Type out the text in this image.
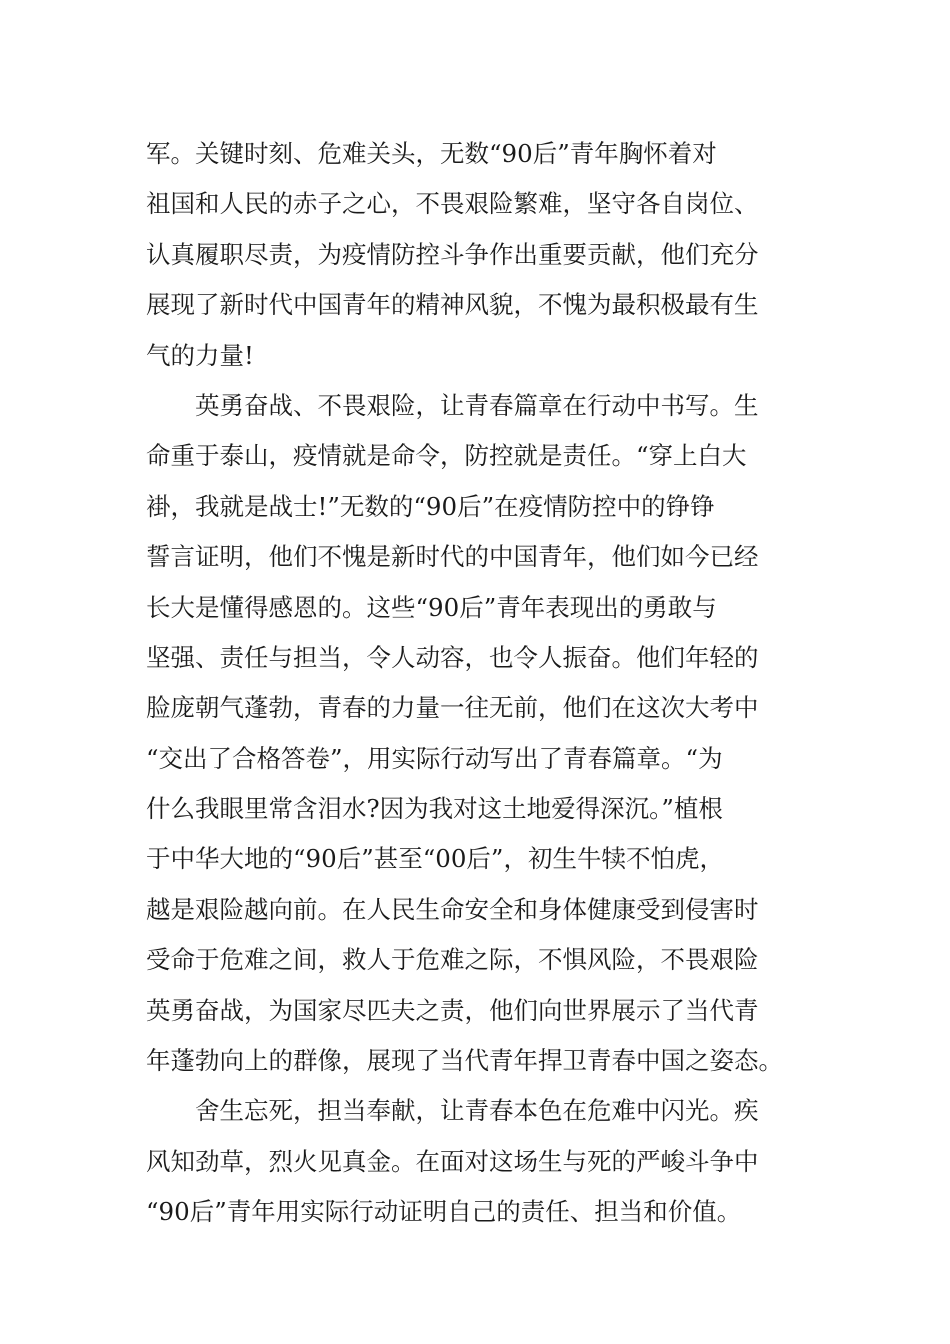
军。关键时刻、危难关头，无数“90后”青年胸怀着对
祖国和人民的赤子之心，不畏艰险繁难，坚守各自岗位、
认真履职尽责，为疫情防控斗争作出重要贡献，他们充分
展现了新时代中国青年的精神风貌，不愧为最积极最有生
气的力量!
英勇奋战、不畏艰险，让青春篇章在行动中书写。生
命重于泰山，疫情就是命令，防控就是责任。“穿上白大
褂，我就是战士!”无数的“90后”在疫情防控中的铮铮
誓言证明，他们不愧是新时代的中国青年，他们如今已经
长大是懂得感恩的。这些“90后”青年表现出的勇敢与
坚强、责任与担当，令人动容，也令人振奋。他们年轻的
脸庞朝气蓬勃，青春的力量一往无前，他们在这次大考中
“交出了合格答卷”，用实际行动写出了青春篇章。“为
什么我眼里常含泪水?因为我对这土地爱得深沉。”植根
于中华大地的“90后”甚至“00后”，初生牛犊不怕虎，
越是艰险越向前。在人民生命安全和身体健康受到侵害时
受命于危难之间，救人于危难之际，不惧风险，不畏艰险
英勇奋战，为国家尽匹夫之责，他们向世界展示了当代青
年蓬勃向上的群像，展现了当代青年捍卫青春中国之姿态。
舍生忘死，担当奉献，让青春本色在危难中闪光。疾
风知劲草，烈火见真金。在面对这场生与死的严峻斗争中
“90后”青年用实际行动证明自己的责任、担当和价值。
